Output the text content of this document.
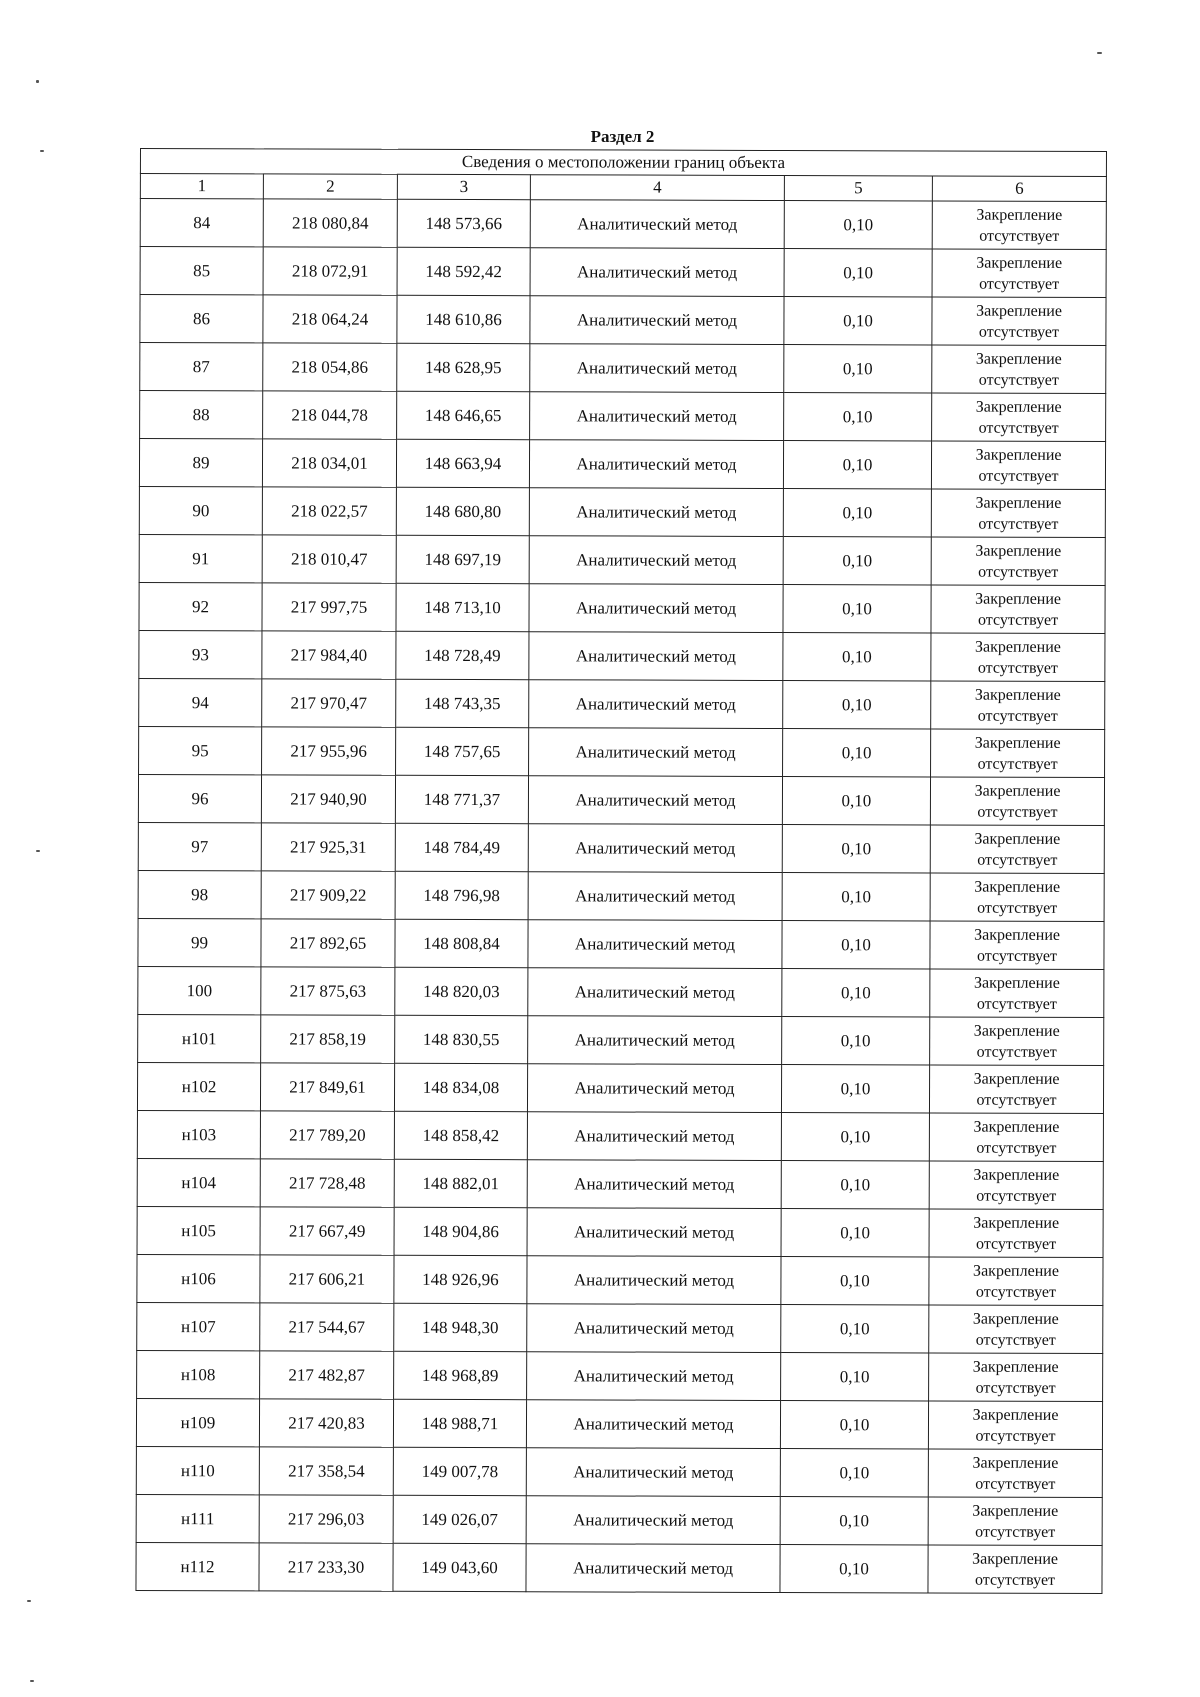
Раздел 2
Сведения о местоположении границ объекта					
1	2	3	4	5	6
84	218 080,84	148 573,66	Аналитический метод	0,10	Закрепление
отсутствует

85	218 072,91	148 592,42	Аналитический метод	0,10	Закрепление
отсутствует

86	218 064,24	148 610,86	Аналитический метод	0,10	Закрепление
отсутствует

87	218 054,86	148 628,95	Аналитический метод	0,10	Закрепление
отсутствует

88	218 044,78	148 646,65	Аналитический метод	0,10	Закрепление
отсутствует

89	218 034,01	148 663,94	Аналитический метод	0,10	Закрепление
отсутствует

90	218 022,57	148 680,80	Аналитический метод	0,10	Закрепление
отсутствует

91	218 010,47	148 697,19	Аналитический метод	0,10	Закрепление
отсутствует

92	217 997,75	148 713,10	Аналитический метод	0,10	Закрепление
отсутствует

93	217 984,40	148 728,49	Аналитический метод	0,10	Закрепление
отсутствует

94	217 970,47	148 743,35	Аналитический метод	0,10	Закрепление
отсутствует

95	217 955,96	148 757,65	Аналитический метод	0,10	Закрепление
отсутствует

96	217 940,90	148 771,37	Аналитический метод	0,10	Закрепление
отсутствует

97	217 925,31	148 784,49	Аналитический метод	0,10	Закрепление
отсутствует

98	217 909,22	148 796,98	Аналитический метод	0,10	Закрепление
отсутствует

99	217 892,65	148 808,84	Аналитический метод	0,10	Закрепление
отсутствует

100	217 875,63	148 820,03	Аналитический метод	0,10	Закрепление
отсутствует

н101	217 858,19	148 830,55	Аналитический метод	0,10	Закрепление
отсутствует

н102	217 849,61	148 834,08	Аналитический метод	0,10	Закрепление
отсутствует

н103	217 789,20	148 858,42	Аналитический метод	0,10	Закрепление
отсутствует

н104	217 728,48	148 882,01	Аналитический метод	0,10	Закрепление
отсутствует

н105	217 667,49	148 904,86	Аналитический метод	0,10	Закрепление
отсутствует

н106	217 606,21	148 926,96	Аналитический метод	0,10	Закрепление
отсутствует

н107	217 544,67	148 948,30	Аналитический метод	0,10	Закрепление
отсутствует

н108	217 482,87	148 968,89	Аналитический метод	0,10	Закрепление
отсутствует

н109	217 420,83	148 988,71	Аналитический метод	0,10	Закрепление
отсутствует

н110	217 358,54	149 007,78	Аналитический метод	0,10	Закрепление
отсутствует

н111	217 296,03	149 026,07	Аналитический метод	0,10	Закрепление
отсутствует

н112	217 233,30	149 043,60	Аналитический метод	0,10	Закрепление
отсутствует
